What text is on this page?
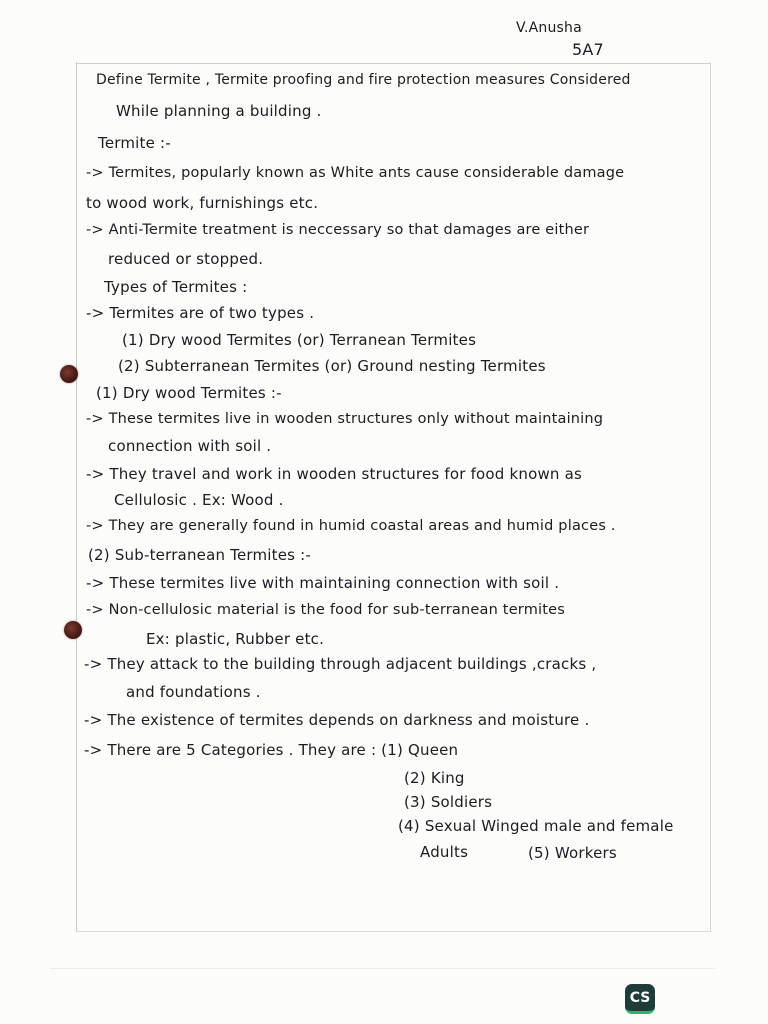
V.Anusha
5A7
Define Termite , Termite proofing and fire protection measures Considered
While planning a building .
Termite :-
-> Termites, popularly known as White ants cause considerable damage
to wood work, furnishings etc.
-> Anti-Termite treatment is neccessary so that damages are either
reduced or stopped.
Types of Termites :
-> Termites are of two types .
(1) Dry wood Termites (or) Terranean Termites
(2) Subterranean Termites (or) Ground nesting Termites
(1) Dry wood Termites :-
-> These termites live in wooden structures only without maintaining
connection with soil .
-> They travel and work in wooden structures for food known as
Cellulosic . Ex: Wood .
-> They are generally found in humid coastal areas and humid places .
(2) Sub-terranean Termites :-
-> These termites live with maintaining connection with soil .
-> Non-cellulosic material is the food for sub-terranean termites
Ex: plastic, Rubber etc.
-> They attack to the building through adjacent buildings ,cracks ,
and foundations .
-> The existence of termites depends on darkness and moisture .
-> There are 5 Categories . They are : (1) Queen
(2) King
(3) Soldiers
(4) Sexual Winged male and female
Adults	(5) Workers
CS
